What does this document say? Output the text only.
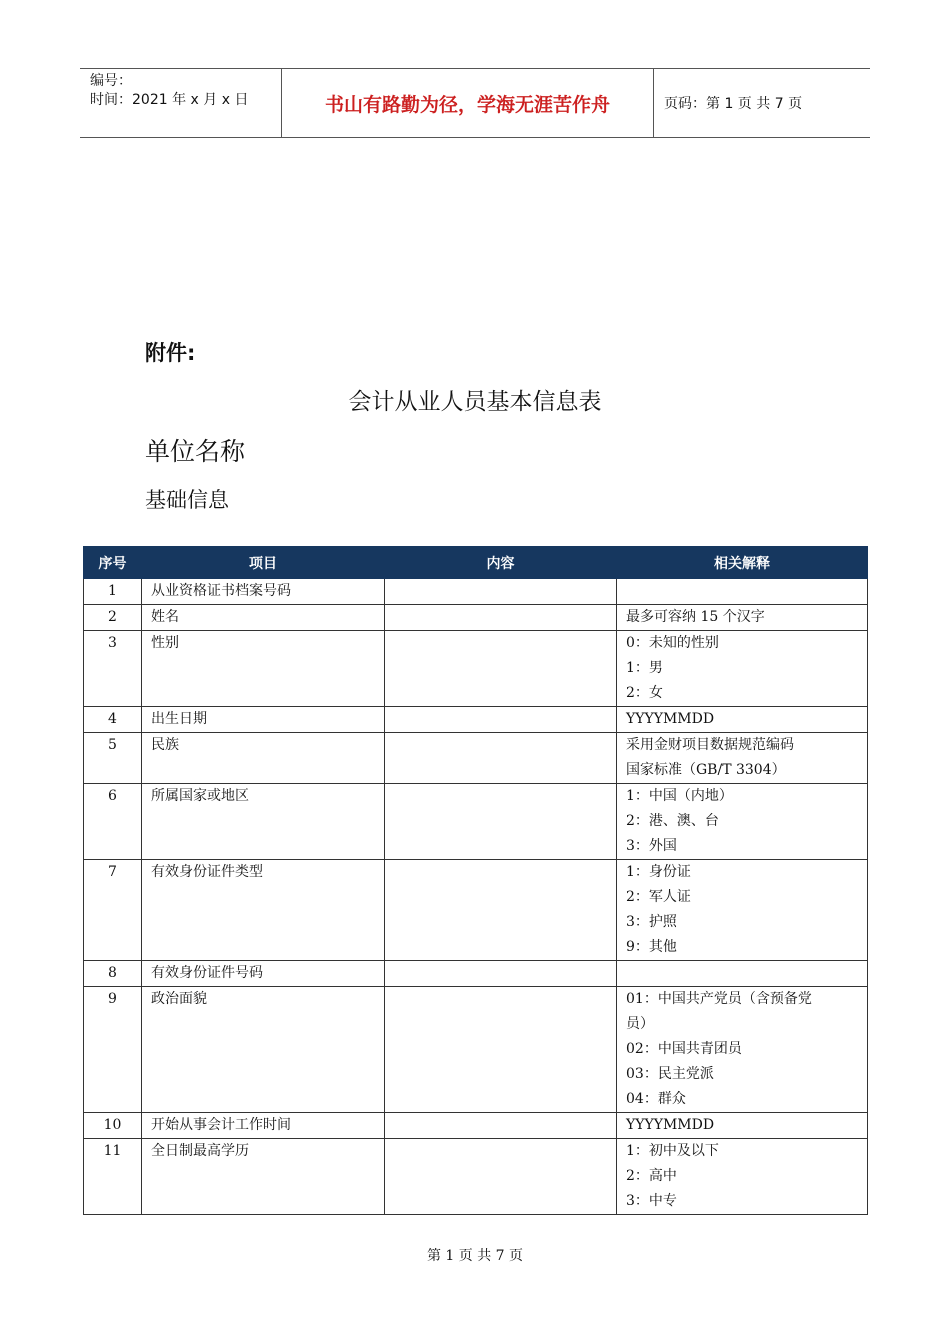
编号：
时间：2021 年 x 月 x 日	书山有路勤为径，学海无涯苦作舟	页码：第 1 页 共 7 页
附件:
会计从业人员基本信息表
单位名称
基础信息
序号	项目	内容	相关解释
1	从业资格证书档案号码		
2	姓名		最多可容纳 15 个汉字

3	性别		0：未知的性别
1：男
2：女

4	出生日期		YYYYMMDD

5	民族		采用金财项目数据规范编码
国家标准（GB/T 3304）

6	所属国家或地区		1：中国（内地）
2：港、澳、台
3：外国

7	有效身份证件类型		1：身份证
2：军人证
3：护照
9：其他

8	有效身份证件号码		
9	政治面貌		01：中国共产党员（含预备党
员）
02：中国共青团员
03：民主党派
04：群众

10	开始从事会计工作时间		YYYYMMDD

11	全日制最高学历		1：初中及以下
2：高中
3：中专
第 1 页 共 7 页
